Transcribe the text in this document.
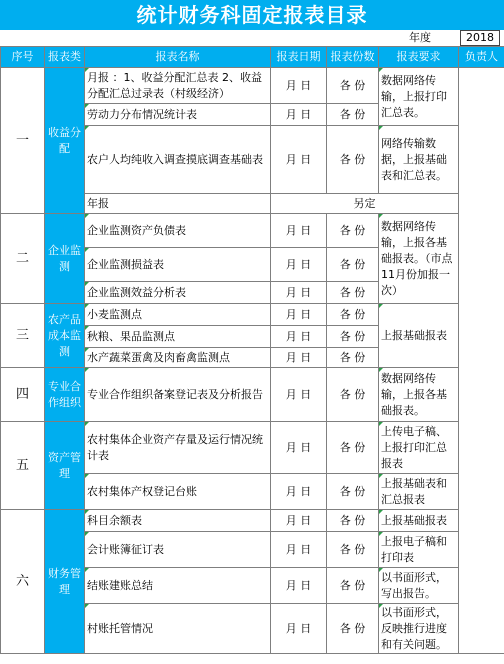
统计财务科固定报表目录
年度	2018
序号	报表类	报表名称	报表日期	报表份数	报表要求	负责人
一	收益分配	月报 ：1、收益分配汇总表 2、收益分配汇总过录表（村级经济）	月 日	各 份	数据网络传输，上报打印汇总表。	
		劳动力分布情况统计表	月 日	各 份		
		农户人均纯收入调查摸底调查基础表	月 日	各 份	网络传输数据，上报基础表和汇总表。	
		年报	另定			
二	企业监测	企业监测资产负债表	月 日	各 份	数据网络传输，上报各基础报表。（市点11月份加报一次）	
		企业监测损益表	月 日	各 份		
		企业监测效益分析表	月 日	各 份		
三	农产品成本监测	小麦监测点	月 日	各 份	上报基础报表	
		秋粮、果品监测点	月 日	各 份		
		水产蔬菜蛋禽及肉畜禽监测点	月 日	各 份		
四	专业合作组织	专业合作组织备案登记表及分析报告	月 日	各 份	数据网络传输，上报各基础报表。	
五	资产管理	农村集体企业资产存量及运行情况统计表	月 日	各 份	上传电子稿、上报打印汇总报表	
		农村集体产权登记台账	月 日	各 份	上报基础表和汇总报表	
六	财务管理	科目余额表	月 日	各 份	上报基础报表	
		会计账簿征订表	月 日	各 份	上报电子稿和打印表	
		结账建账总结	月 日	各 份	以书面形式，写出报告。	
		村账托管情况	月 日	各 份	以书面形式，反映推行进度和有关问题。	
